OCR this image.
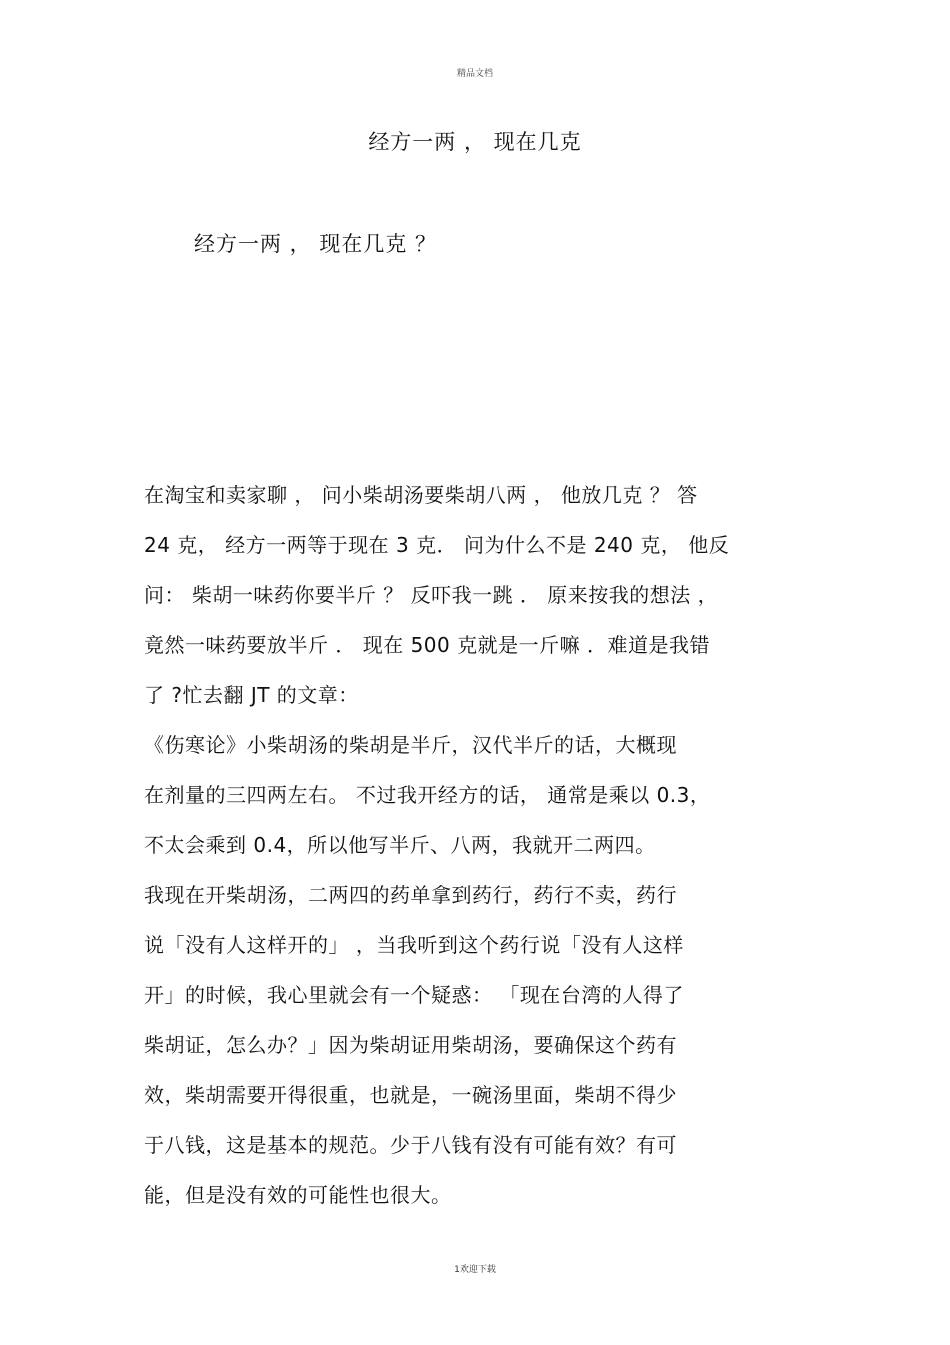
精品文档
经方一两 ， 现在几克
经方一两 ， 现在几克 ？
在淘宝和卖家聊 ， 问小柴胡汤要柴胡八两 ， 他放几克 ？ 答
24 克， 经方一两等于现在 3 克． 问为什么不是 240 克， 他反
问： 柴胡一味药你要半斤 ？ 反吓我一跳 ． 原来按我的想法 ，
竟然一味药要放半斤 ． 现在 500 克就是一斤嘛 ．难道是我错
了 ?忙去翻 JT 的文章：
《伤寒论》小柴胡汤的柴胡是半斤，汉代半斤的话，大概现
在剂量的三四两左右。 不过我开经方的话， 通常是乘以 0.3，
不太会乘到 0.4，所以他写半斤、八两，我就开二两四。
我现在开柴胡汤，二两四的药单拿到药行，药行不卖，药行
说「没有人这样开的」 ，当我听到这个药行说「没有人这样
开」的时候，我心里就会有一个疑惑： 「现在台湾的人得了
柴胡证，怎么办？」因为柴胡证用柴胡汤，要确保这个药有
效，柴胡需要开得很重，也就是，一碗汤里面，柴胡不得少
于八钱，这是基本的规范。少于八钱有没有可能有效？有可
能，但是没有效的可能性也很大。
1欢迎下载
